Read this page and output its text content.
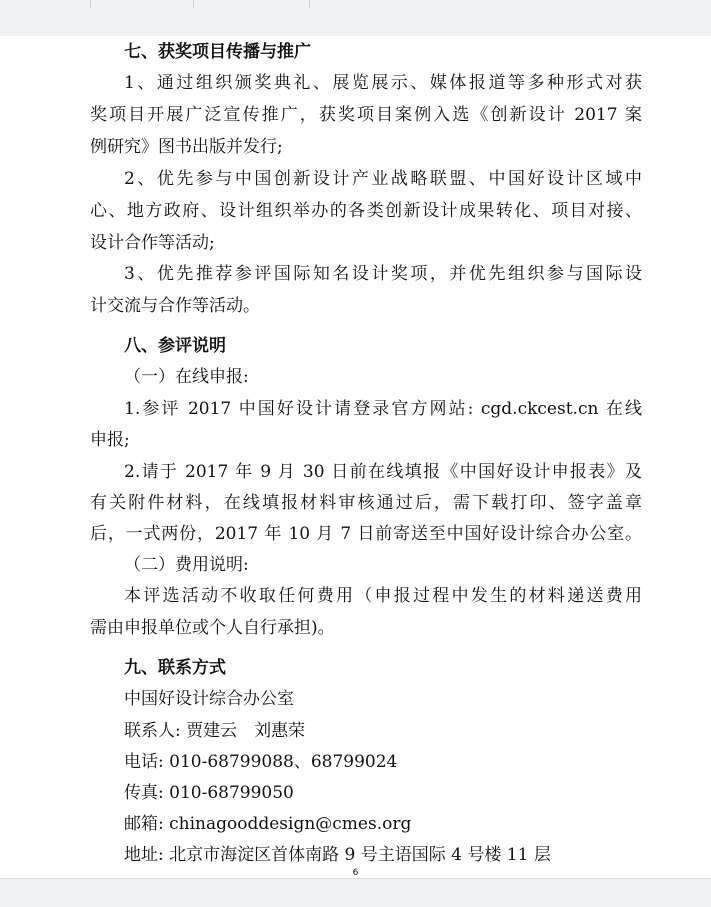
七、获奖项目传播与推广
1、通过组织颁奖典礼、展览展示、媒体报道等多种形式对获
奖项目开展广泛宣传推广，获奖项目案例入选《创新设计 2017 案
例研究》图书出版并发行;
2、优先参与中国创新设计产业战略联盟、中国好设计区域中
心、地方政府、设计组织举办的各类创新设计成果转化、项目对接、
设计合作等活动;
3、优先推荐参评国际知名设计奖项，并优先组织参与国际设
计交流与合作等活动。
八、参评说明
（一）在线申报:
1.参评 2017 中国好设计请登录官方网站: cgd.ckcest.cn 在线
申报;
2.请于 2017 年 9 月 30 日前在线填报《中国好设计申报表》及
有关附件材料，在线填报材料审核通过后，需下载打印、签字盖章
后，一式两份，2017 年 10 月 7 日前寄送至中国好设计综合办公室。
（二）费用说明:
本评选活动不收取任何费用（申报过程中发生的材料递送费用
需由申报单位或个人自行承担)。
九、联系方式
中国好设计综合办公室
联系人: 贾建云　刘惠荣
电话: 010-68799088、68799024
传真: 010-68799050
邮箱: chinagooddesign@cmes.org
地址: 北京市海淀区首体南路 9 号主语国际 4 号楼 11 层
6
